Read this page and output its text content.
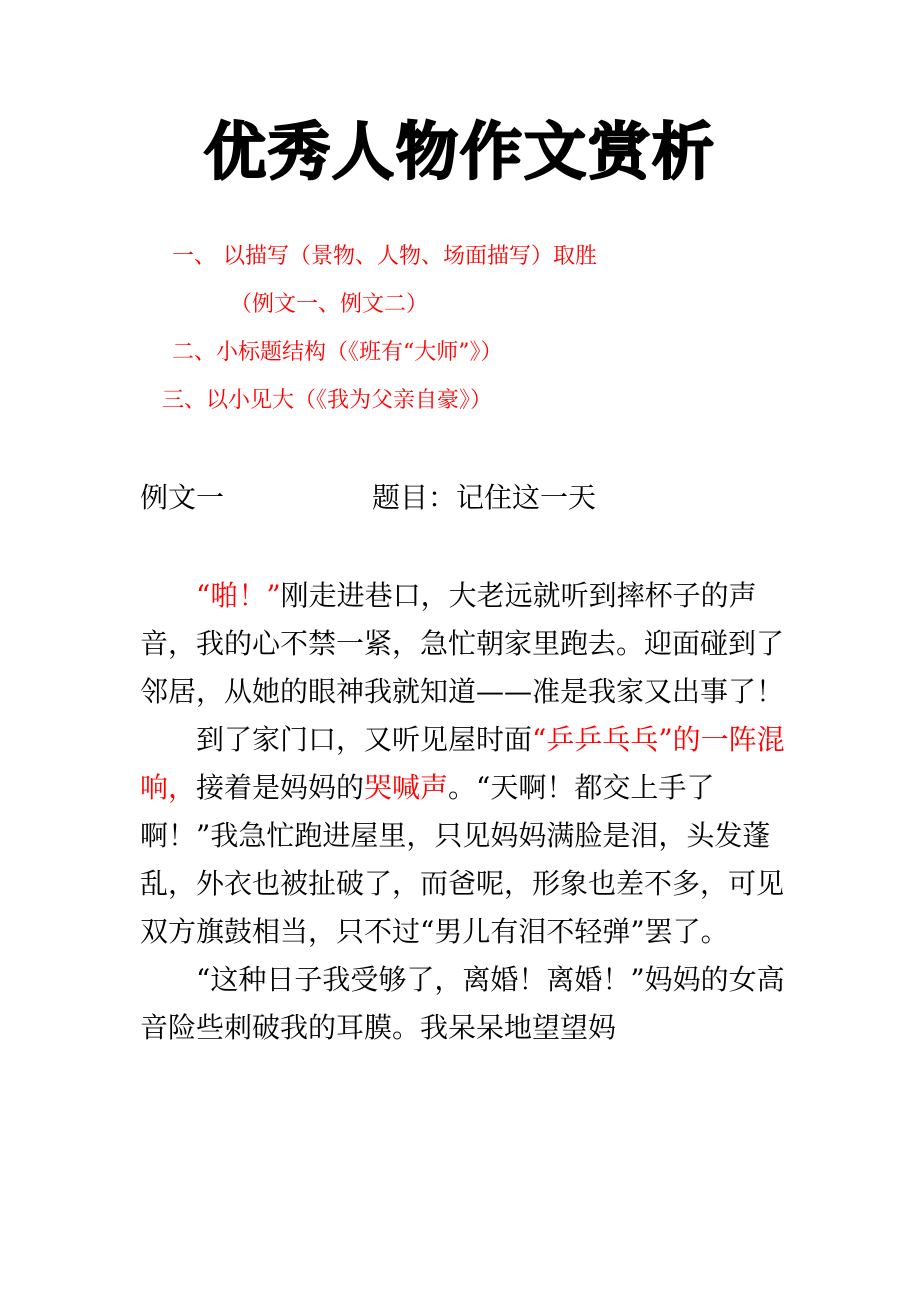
优秀人物作文赏析
一、 以描写（景物、人物、场面描写）取胜
（例文一、例文二）
二、小标题结构（《班有“大师”》）
三、以小见大（《我为父亲自豪》）
例文一	题目：记住这一天

“啪！”刚走进巷口，大老远就听到摔杯子的声音，我的心不禁一紧，急忙朝家里跑去。迎面碰到了邻居，从她的眼神我就知道——准是我家又出事了！

到了家门口，又听见屋时面“乒乒乓乓”的一阵混响，接着是妈妈的哭喊声。“天啊！都交上手了啊！”我急忙跑进屋里，只见妈妈满脸是泪，头发蓬乱，外衣也被扯破了，而爸呢，形象也差不多，可见双方旗鼓相当，只不过“男儿有泪不轻弹”罢了。

“这种日子我受够了，离婚！离婚！”妈妈的女高音险些刺破我的耳膜。我呆呆地望望妈
